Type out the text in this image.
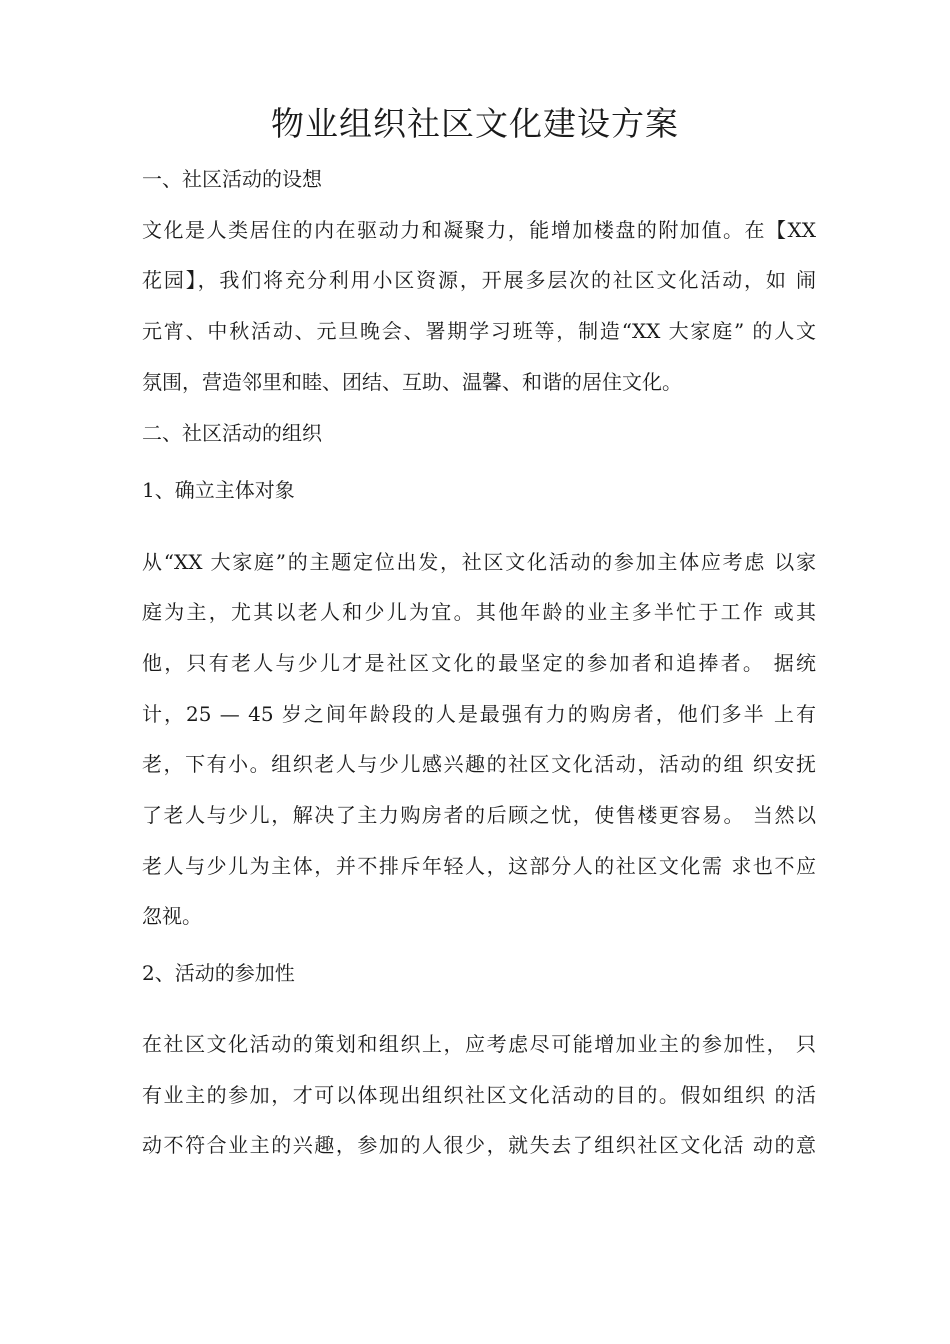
物业组织社区文化建设方案

一、社区活动的设想

文化是人类居住的内在驱动力和凝聚力，能增加楼盘的附加值。在【XX

花园】，我们将充分利用小区资源，开展多层次的社区文化活动，如 闹

元宵、中秋活动、元旦晚会、署期学习班等，制造“XX 大家庭” 的人文

氛围，营造邻里和睦、团结、互助、温馨、和谐的居住文化。

二、社区活动的组织

1、确立主体对象

从“XX 大家庭”的主题定位出发，社区文化活动的参加主体应考虑 以家

庭为主，尤其以老人和少儿为宜。其他年龄的业主多半忙于工作 或其

他，只有老人与少儿才是社区文化的最坚定的参加者和追捧者。 据统

计，25 — 45 岁之间年龄段的人是最强有力的购房者，他们多半 上有

老，下有小。组织老人与少儿感兴趣的社区文化活动，活动的组 织安抚

了老人与少儿，解决了主力购房者的后顾之忧，使售楼更容易。 当然以

老人与少儿为主体，并不排斥年轻人，这部分人的社区文化需 求也不应

忽视。

2、活动的参加性

在社区文化活动的策划和组织上，应考虑尽可能增加业主的参加性， 只

有业主的参加，才可以体现出组织社区文化活动的目的。假如组织 的活

动不符合业主的兴趣，参加的人很少，就失去了组织社区文化活 动的意
